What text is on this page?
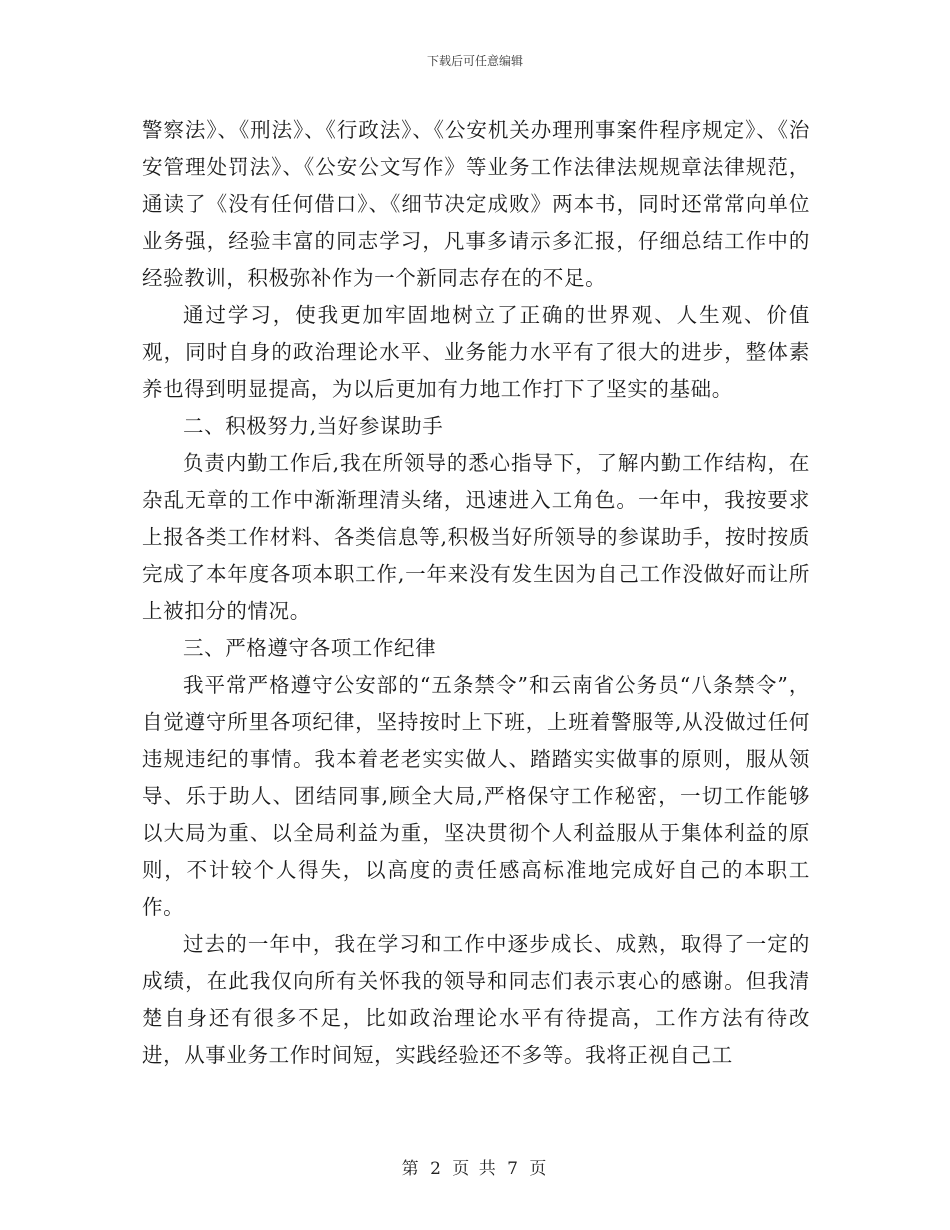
下载后可任意编辑

警察法》、《刑法》、《行政法》、《公安机关办理刑事案件程序规定》、《治安管理处罚法》、《公安公文写作》等业务工作法律法规规章法律规范，通读了《没有任何借口》、《细节决定成败》两本书，同时还常常向单位业务强，经验丰富的同志学习，凡事多请示多汇报，仔细总结工作中的经验教训，积极弥补作为一个新同志存在的不足。

通过学习，使我更加牢固地树立了正确的世界观、人生观、价值观，同时自身的政治理论水平、业务能力水平有了很大的进步，整体素养也得到明显提高，为以后更加有力地工作打下了坚实的基础。

二、积极努力,当好参谋助手

负责内勤工作后,我在所领导的悉心指导下，了解内勤工作结构，在杂乱无章的工作中渐渐理清头绪，迅速进入工角色。一年中，我按要求上报各类工作材料、各类信息等,积极当好所领导的参谋助手，按时按质完成了本年度各项本职工作,一年来没有发生因为自己工作没做好而让所上被扣分的情况。

三、严格遵守各项工作纪律

我平常严格遵守公安部的“五条禁令”和云南省公务员“八条禁令”，自觉遵守所里各项纪律，坚持按时上下班，上班着警服等,从没做过任何违规违纪的事情。我本着老老实实做人、踏踏实实做事的原则，服从领导、乐于助人、团结同事,顾全大局,严格保守工作秘密，一切工作能够以大局为重、以全局利益为重，坚决贯彻个人利益服从于集体利益的原则，不计较个人得失，以高度的责任感高标准地完成好自己的本职工作。

过去的一年中，我在学习和工作中逐步成长、成熟，取得了一定的成绩，在此我仅向所有关怀我的领导和同志们表示衷心的感谢。但我清楚自身还有很多不足，比如政治理论水平有待提高，工作方法有待改进，从事业务工作时间短，实践经验还不多等。我将正视自己工

第 2 页 共 7 页
